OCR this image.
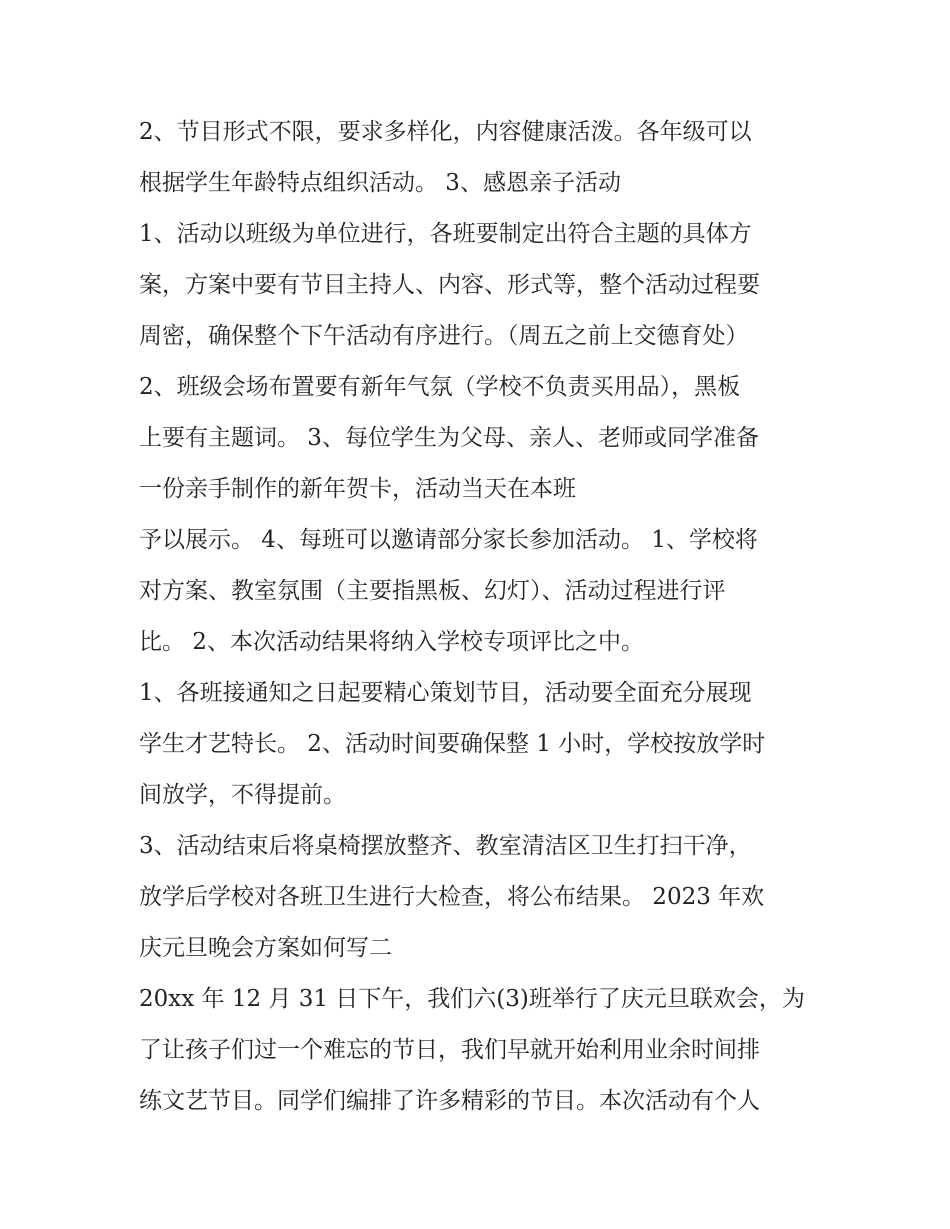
2、节目形式不限，要求多样化，内容健康活泼。各年级可以
根据学生年龄特点组织活动。 3、感恩亲子活动
1、活动以班级为单位进行，各班要制定出符合主题的具体方
案，方案中要有节目主持人、内容、形式等，整个活动过程要
周密，确保整个下午活动有序进行。（周五之前上交德育处）
2、班级会场布置要有新年气氛（学校不负责买用品），黑板
上要有主题词。 3、每位学生为父母、亲人、老师或同学准备
一份亲手制作的新年贺卡，活动当天在本班
予以展示。 4、每班可以邀请部分家长参加活动。 1、学校将
对方案、教室氛围（主要指黑板、幻灯）、活动过程进行评
比。 2、本次活动结果将纳入学校专项评比之中。
1、各班接通知之日起要精心策划节目，活动要全面充分展现
学生才艺特长。 2、活动时间要确保整 1 小时，学校按放学时
间放学，不得提前。
3、活动结束后将桌椅摆放整齐、教室清洁区卫生打扫干净，
放学后学校对各班卫生进行大检查，将公布结果。 2023 年欢
庆元旦晚会方案如何写二
20xx 年 12 月 31 日下午，我们六(3)班举行了庆元旦联欢会，为
了让孩子们过一个难忘的节日，我们早就开始利用业余时间排
练文艺节目。同学们编排了许多精彩的节目。本次活动有个人
